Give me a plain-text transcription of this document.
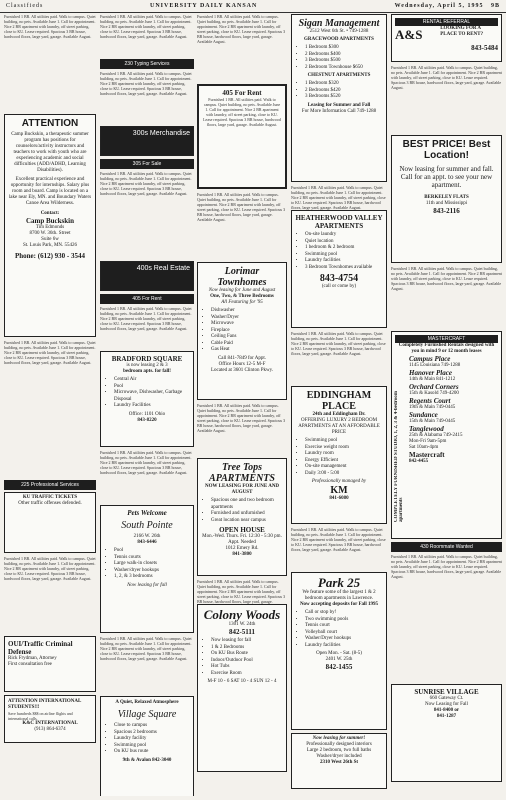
Classifieds	UNIVERSITY DAILY KANSAN	Wednesday, April 5, 1995 9B
Furnished 1 BR. All utilities paid. Walk to campus. Quiet building, no pets. Available June 1. Call for appointment. Nice 2 BR apartment with laundry, off street parking, close to KU. Lease required. Spacious 3 BR house, hardwood floors, large yard, garage. Available August.
ATTENTION
Camp Buckskin, a therapeutic summer program has positions for counselors/activity instructors and teachers to work with youth who are experiencing academic and social difficulties (ADD/ADHD, Learning Disabilities).
Excellent practical experience and opportunity for internships. Salary plus room and board. Camp is located on a lake near Ely, MN. and Boundary Waters Canoe Area Wilderness.
Contact:
Camp Buckskin
Tim Edmonds
8700 W. 36th. Street
Suite 6w
St. Louis Park, MN. 55426
Phone: (612) 930 - 3544
Furnished 1 BR. All utilities paid. Walk to campus. Quiet building, no pets. Available June 1. Call for appointment. Nice 2 BR apartment with laundry, off street parking, close to KU. Lease required. Spacious 3 BR house, hardwood floors, large yard, garage. Available August.
225 Professional Services
KU TRAFFIC TICKETS
Other traffic offenses defended.
Furnished 1 BR. All utilities paid. Walk to campus. Quiet building, no pets. Available June 1. Call for appointment. Nice 2 BR apartment with laundry, off street parking, close to KU. Lease required. Spacious 3 BR house, hardwood floors, large yard, garage. Available August.
OUI/Traffic Criminal Defense
Rick Frydman, Attorney
First consultation free
ATTENTION INTERNATIONAL STUDENTS!!!
Save hundreds $$$ on airline flights and international calls.
K&C INTERNATIONAL
(913) 864-6374
Furnished 1 BR. All utilities paid. Walk to campus. Quiet building, no pets. Available June 1. Call for appointment. Nice 2 BR apartment with laundry, off street parking, close to KU. Lease required. Spacious 3 BR house, hardwood floors, large yard, garage. Available August.
230 Typing Services
Furnished 1 BR. All utilities paid. Walk to campus. Quiet building, no pets. Available June 1. Call for appointment. Nice 2 BR apartment with laundry, off street parking, close to KU. Lease required. Spacious 3 BR house, hardwood floors, large yard, garage. Available August.
300s Merchandise
305 For Sale
Furnished 1 BR. All utilities paid. Walk to campus. Quiet building, no pets. Available June 1. Call for appointment. Nice 2 BR apartment with laundry, off street parking, close to KU. Lease required. Spacious 3 BR house, hardwood floors, large yard, garage. Available August.
400s Real Estate
405 For Rent
Furnished 1 BR. All utilities paid. Walk to campus. Quiet building, no pets. Available June 1. Call for appointment. Nice 2 BR apartment with laundry, off street parking, close to KU. Lease required. Spacious 3 BR house, hardwood floors, large yard, garage. Available August.
BRADFORD SQUARE
is now leasing 2 & 3
bedroom apts. for fall!
• Central Air
• Pool
• Microwave, Dishwasher, Garbage Disposal
• Laundry Facilities
Office: 1101 Ohio
843-8220
Furnished 1 BR. All utilities paid. Walk to campus. Quiet building, no pets. Available June 1. Call for appointment. Nice 2 BR apartment with laundry, off street parking, close to KU. Lease required. Spacious 3 BR house, hardwood floors, large yard, garage. Available August.
Pets Welcome
South Pointe
2166 W. 26th
843-6446
• Pool
• Tennis courts
• Large walk-in closets
• Washer/dryer hookups
• 1, 2, & 3 bedrooms
Now leasing for fall
Furnished 1 BR. All utilities paid. Walk to campus. Quiet building, no pets. Available June 1. Call for appointment. Nice 2 BR apartment with laundry, off street parking, close to KU. Lease required. Spacious 3 BR house, hardwood floors, large yard, garage. Available August.
A Quiet, Relaxed Atmosphere
Village Square
• Close to campus
• Spacious 2 bedrooms
• Laundry facility
• Swimming pool
• On KU bus route
9th & Avalon 842-3040
Furnished 1 BR. All utilities paid. Walk to campus. Quiet building, no pets. Available June 1. Call for appointment. Nice 2 BR apartment with laundry, off street parking, close to KU. Lease required. Spacious 3 BR house, hardwood floors, large yard, garage. Available August.
405 For Rent
Furnished 1 BR. All utilities paid. Walk to campus. Quiet building, no pets. Available June 1. Call for appointment. Nice 2 BR apartment with laundry, off street parking, close to KU. Lease required. Spacious 3 BR house, hardwood floors, large yard, garage. Available August.
Furnished 1 BR. All utilities paid. Walk to campus. Quiet building, no pets. Available June 1. Call for appointment. Nice 2 BR apartment with laundry, off street parking, close to KU. Lease required. Spacious 3 BR house, hardwood floors, large yard, garage. Available August.
Lorimar Townhomes
Now leasing for June and August
One, Two, & Three Bedrooms
All Featuring for '95
• Dishwasher
• Washer/Dryer
• Microwave
• Fireplace
• Ceiling Fans
• Cable Paid
• Gas Heat
Call 841-7849 for Appt.
Office Hours 12-5 M-F
Located at 3601 Clinton Pkwy.
Furnished 1 BR. All utilities paid. Walk to campus. Quiet building, no pets. Available June 1. Call for appointment. Nice 2 BR apartment with laundry, off street parking, close to KU. Lease required. Spacious 3 BR house, hardwood floors, large yard, garage. Available August.
Tree Tops APARTMENTS
NOW LEASING FOR JUNE AND AUGUST
• Spacious one and two bedroom apartments
• Furnished and unfurnished
• Great location near campus
OPEN HOUSE
Mon.-Wed. Thurs. Fri. 12:30 - 5:30 pm. Appt. Needed
1012 Emery Rd.
841-3800
Furnished 1 BR. All utilities paid. Walk to campus. Quiet building, no pets. Available June 1. Call for appointment. Nice 2 BR apartment with laundry, off street parking, close to KU. Lease required. Spacious 3 BR house, hardwood floors, large yard, garage.
Colony Woods
1301 W. 24th
842-5111
• Now leasing for fall
• 1 & 2 Bedrooms
• On KU Bus Route
• Indoor/Outdoor Pool
• Hot Tubs
• Exercise Room
M-F 10 - 6 SAT 10 - 4 SUN 12 - 4
Sigan Management
2512 West 6th St. • 749-1288
GRACEWOOD APARTMENTS
• 1 Bedroom $300
• 2 Bedrooms $400
• 3 Bedrooms $500
• 2 Bedroom Townhouse $650
CHESTNUT APARTMENTS
• 1 Bedroom $320
• 2 Bedrooms $420
• 3 Bedrooms $520
Leasing for Summer and Fall
For More Information Call 749-1288
Furnished 1 BR. All utilities paid. Walk to campus. Quiet building, no pets. Available June 1. Call for appointment. Nice 2 BR apartment with laundry, off street parking, close to KU. Lease required. Spacious 3 BR house, hardwood floors, large yard, garage. Available August.
HEATHERWOOD VALLEY APARTMENTS
• On-site laundry
• Quiet location
• 1 bedroom & 2 bedroom
• Swimming pool
• Laundry facilities
• 3 Bedroom Townhomes available
843-4754
(call or come by)
Furnished 1 BR. All utilities paid. Walk to campus. Quiet building, no pets. Available June 1. Call for appointment. Nice 2 BR apartment with laundry, off street parking, close to KU. Lease required. Spacious 3 BR house, hardwood floors, large yard, garage. Available August.
EDDINGHAM PLACE
24th and Eddingham Dr.
OFFERING LUXURY 2 BEDROOM APARTMENTS AT AN AFFORDABLE PRICE
• Swimming pool
• Exercise weight room
• Laundry room
• Energy Efficient
• On-site management
• Daily 3:00 - 5:00
Professionally managed by
KM
841-6080
Furnished 1 BR. All utilities paid. Walk to campus. Quiet building, no pets. Available June 1. Call for appointment. Nice 2 BR apartment with laundry, off street parking, close to KU. Lease required. Spacious 3 BR house, hardwood floors, large yard, garage. Available August.
Park 25
We feature some of the largest 1 & 2 bedroom apartments in Lawrence.
Now accepting deposits for Fall 1995
• Call or stop by!
• Two swimming pools
• Tennis court
• Volleyball court
• Washer/Dryer hookups
• Laundry facilities
Open Mon. - Sat. (8-5)
2401 W. 25th
842-1455
Now leasing for summer!
Professionally designed interiors
Large 2 bedroom, two full baths
Washer/dryer included
2310 West 26th St
RENTAL REFERRAL
A&S	LOOKING FOR A PLACE TO RENT?
843-5484
Furnished 1 BR. All utilities paid. Walk to campus. Quiet building, no pets. Available June 1. Call for appointment. Nice 2 BR apartment with laundry, off street parking, close to KU. Lease required. Spacious 3 BR house, hardwood floors, large yard, garage. Available August.
BEST PRICE! Best Location!
Now leasing for summer and fall. Call for an appt. to see your new apartment.
BERKELEY FLATS
11th and Mississippi
843-2116
Furnished 1 BR. All utilities paid. Walk to campus. Quiet building, no pets. Available June 1. Call for appointment. Nice 2 BR apartment with laundry, off street parking, close to KU. Lease required. Spacious 3 BR house, hardwood floors, large yard, garage. Available August.
MASTERCRAFT
Completely Furnished Rentals designed with you in mind 9 or 12 month leases
COMPLETELY FURNISHED STUDIO, 1, 2, 3 & 4-bedroom apartments
Campus Place
1145 Louisiana 749-1288
Hanover Place
14th & Main 841-1212
Orchard Corners
15th & Kasold 749-4200
Regents Court
19th & Main 749-0445
Sundance
15th & Main 749-0445
Tanglewood
25th & Alabama 749-2415
Mon-Fri 9am-5pm
Sat 10am-4pm
Mastercraft
842-4455
430 Roommate Wanted
Furnished 1 BR. All utilities paid. Walk to campus. Quiet building, no pets. Available June 1. Call for appointment. Nice 2 BR apartment with laundry, off street parking, close to KU. Lease required. Spacious 3 BR house, hardwood floors, large yard, garage. Available August.
SUNRISE VILLAGE
660 Gateway Ct.
Now Leasing for Fall
841-8400 or
841-1287
